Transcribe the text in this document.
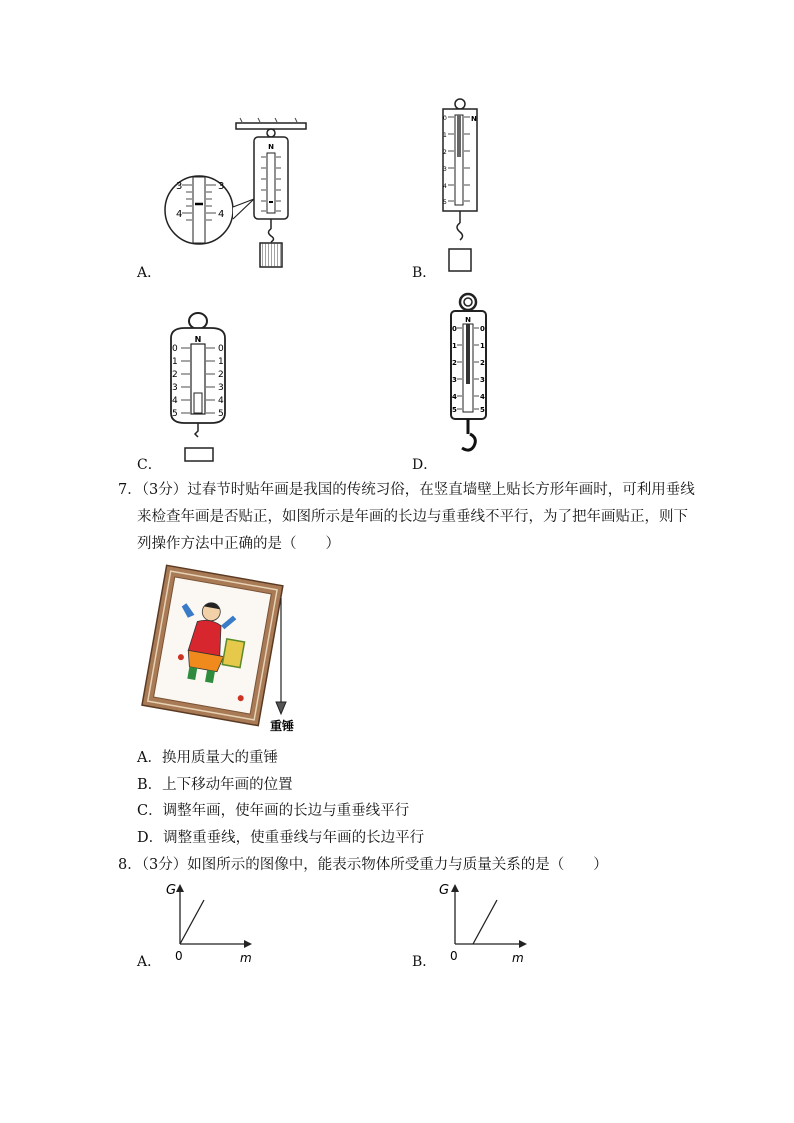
N
3	3
4	4
A．
N
0
1
2
3
4
5
B．
N
0	0
1	1
2	2
3	3
4	4
5	5
C．
N
0	0
1	1
2	2
3	3
4	4
5	5
D．
7．（3分）过春节时贴年画是我国的传统习俗，在竖直墙壁上贴长方形年画时，可利用垂线
来检查年画是否贴正，如图所示是年画的长边与重垂线不平行，为了把年画贴正，则下
列操作方法中正确的是（　　）
重锤
A．换用质量大的重锤
B．上下移动年画的位置
C．调整年画，使年画的长边与重垂线平行
D．调整重垂线，使重垂线与年画的长边平行
8．（3分）如图所示的图像中，能表示物体所受重力与质量关系的是（　　）
G
0	m
A．
G
0	m
B．
